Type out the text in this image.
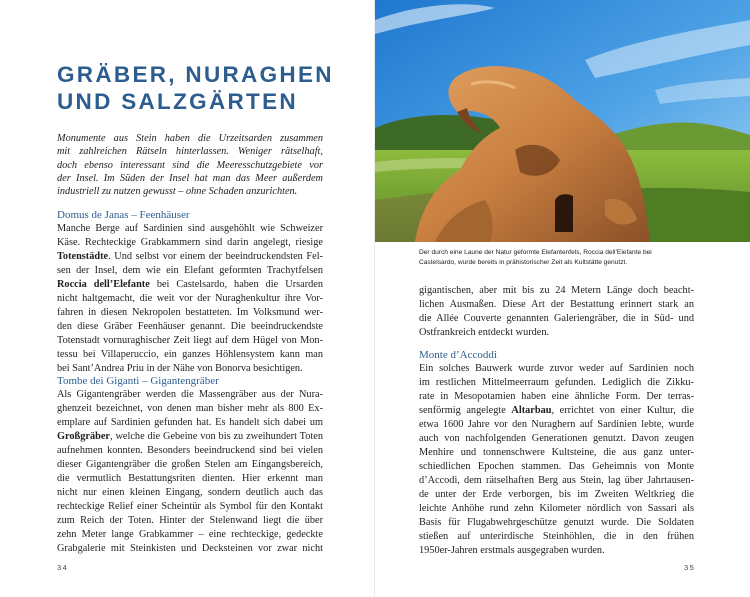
GRÄBER, NURAGHEN
UND SALZGÄRTEN
Monumente aus Stein haben die Urzeitsarden zusammen
mit zahlreichen Rätseln hinterlassen. Weniger rätselhaft,
doch ebenso interessant sind die Meeresschutzgebiete vor
der Insel. Im Süden der Insel hat man das Meer außerdem
industriell zu nutzen gewusst – ohne Schaden anzurichten.
Domus de Janas – Feenhäuser
Manche Berge auf Sardinien sind ausgehöhlt wie Schweizer
Käse. Rechteckige Grabkammern sind darin angelegt, riesige
Totenstädte. Und selbst vor einem der beeindruckendsten Fel-
sen der Insel, dem wie ein Elefant geformten Trachytfelsen
Roccia dell’Elefante bei Castelsardo, haben die Ursarden
nicht haltgemacht, die weit vor der Nuraghenkultur ihre Vor-
fahren in diesen Nekropolen bestatteten. Im Volksmund wer-
den diese Gräber Feenhäuser genannt. Die beeindruckendste
Totenstadt vornuraghischer Zeit liegt auf dem Hügel von Mon-
tessu bei Villaperuccio, ein ganzes Höhlensystem kann man
bei Sant’Andrea Priu in der Nähe von Bonorva besichtigen.
Tombe dei Giganti – Gigantengräber
Als Gigantengräber werden die Massengräber aus der Nura-
ghenzeit bezeichnet, von denen man bisher mehr als 800 Ex-
emplare auf Sardinien gefunden hat. Es handelt sich dabei um
Großgräber, welche die Gebeine von bis zu zweihundert Toten
aufnehmen konnten. Besonders beeindruckend sind bei vielen
dieser Gigantengräber die großen Stelen am Eingangsbereich,
die vermutlich Bestattungsriten dienten. Hier erkennt man
nicht nur einen kleinen Eingang, sondern deutlich auch das
rechteckige Relief einer Scheintür als Symbol für den Kontakt
zum Reich der Toten. Hinter der Stelenwand liegt die über
zehn Meter lange Grabkammer – eine rechteckige, gedeckte
Grabgalerie mit Steinkisten und Decksteinen vor zwar nicht
34
Der durch eine Laune der Natur geformte Elefantenfels, Roccia dell’Elefante bei
Castelsardo, wurde bereits in prähistorischer Zeit als Kultstätte genutzt.
gigantischen, aber mit bis zu 24 Metern Länge doch beacht-
lichen Ausmaßen. Diese Art der Bestattung erinnert stark an
die Allée Couverte genannten Galeriengräber, die in Süd- und
Ostfrankreich entdeckt wurden.
Monte d’Accoddi
Ein solches Bauwerk wurde zuvor weder auf Sardinien noch
im restlichen Mittelmeerraum gefunden. Lediglich die Zikku-
rate in Mesopotamien haben eine ähnliche Form. Der terras-
senförmig angelegte Altarbau, errichtet von einer Kultur, die
etwa 1600 Jahre vor den Nuraghern auf Sardinien lebte, wurde
auch von nachfolgenden Generationen genutzt. Davon zeugen
Menhire und tonnenschwere Kultsteine, die aus ganz unter-
schiedlichen Epochen stammen. Das Geheimnis von Monte
d’Accodi, dem rätselhaften Berg aus Stein, lag über Jahrtausen-
de unter der Erde verborgen, bis im Zweiten Weltkrieg die
leichte Anhöhe rund zehn Kilometer nördlich von Sassari als
Basis für Flugabwehrgeschütze genutzt wurde. Die Soldaten
stießen auf unterirdische Steinhöhlen, die in den frühen
1950er-Jahren erstmals ausgegraben wurden.
35
